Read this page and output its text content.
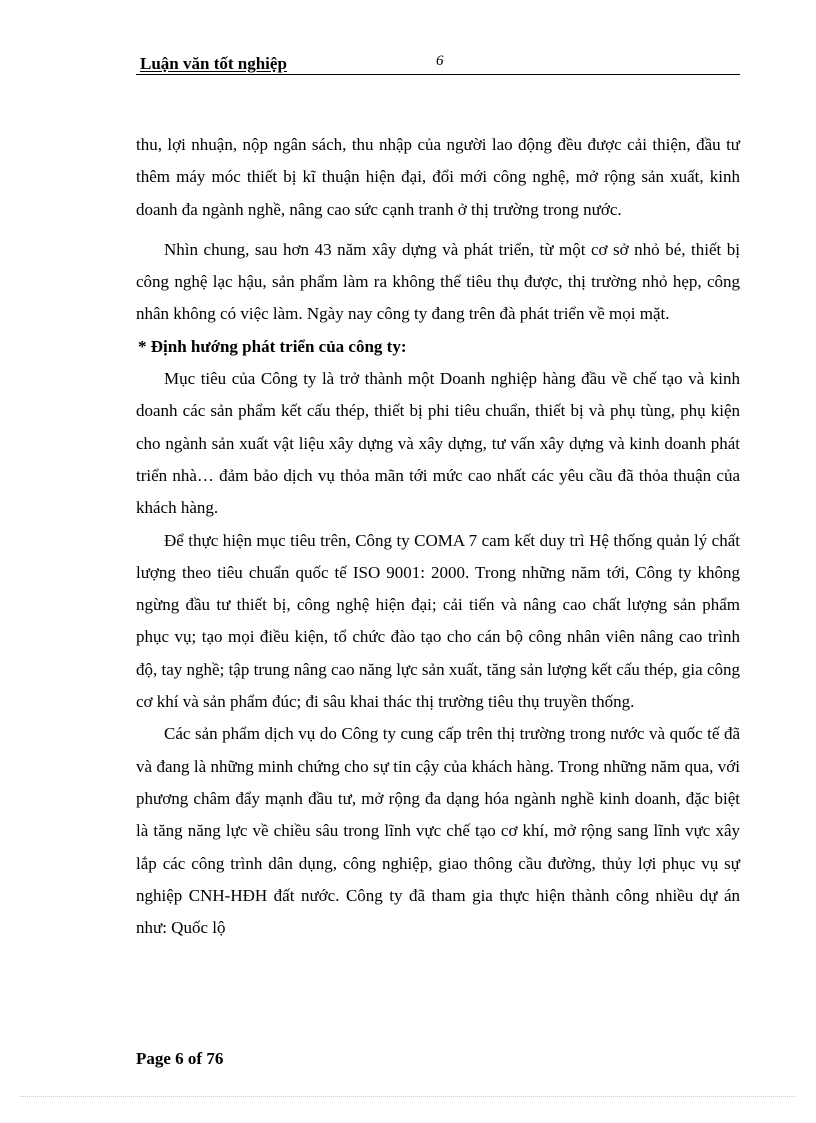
Luận văn tốt nghiệp	6

thu, lợi nhuận, nộp ngân sách, thu nhập của người lao động đều được cải thiện, đầu tư thêm máy móc thiết bị kĩ thuận hiện đại, đổi mới công nghệ, mở rộng sản xuất, kinh doanh đa ngành nghề, nâng cao sức cạnh tranh ở thị trường trong nước.

Nhìn chung, sau hơn 43 năm xây dựng và phát triển, từ một cơ sở nhỏ bé, thiết bị công nghệ lạc hậu, sản phẩm làm ra không thể tiêu thụ được, thị trường nhỏ hẹp, công nhân không có việc làm. Ngày nay công ty đang trên đà phát triển về mọi mặt.

* Định hướng phát triển của công ty:

Mục tiêu của Công ty là trở thành một Doanh nghiệp hàng đầu về chế tạo và kinh doanh các sản phẩm kết cấu thép, thiết bị phi tiêu chuẩn, thiết bị và phụ tùng, phụ kiện cho ngành sản xuất vật liệu xây dựng và xây dựng, tư vấn xây dựng và kinh doanh phát triển nhà… đảm bảo dịch vụ thỏa mãn tới mức cao nhất các yêu cầu đã thỏa thuận của khách hàng.

Để thực hiện mục tiêu trên, Công ty COMA 7 cam kết duy trì Hệ thống quản lý chất lượng theo tiêu chuẩn quốc tế ISO 9001: 2000. Trong những năm tới, Công ty không ngừng đầu tư thiết bị, công nghệ hiện đại; cải tiến và nâng cao chất lượng sản phẩm phục vụ; tạo mọi điều kiện, tổ chức đào tạo cho cán bộ công nhân viên nâng cao trình độ, tay nghề; tập trung nâng cao năng lực sản xuất, tăng sản lượng kết cấu thép, gia công cơ khí và sản phẩm đúc; đi sâu khai thác thị trường tiêu thụ truyền thống.

Các sản phẩm dịch vụ do Công ty cung cấp trên thị trường trong nước và quốc tế đã và đang là những minh chứng cho sự tin cậy của khách hàng. Trong những năm qua, với phương châm đẩy mạnh đầu tư, mở rộng đa dạng hóa ngành nghề kinh doanh, đặc biệt là tăng năng lực về chiều sâu trong lĩnh vực chế tạo cơ khí, mở rộng sang lĩnh vực xây lắp các công trình dân dụng, công nghiệp, giao thông cầu đường, thủy lợi phục vụ sự nghiệp CNH-HĐH đất nước. Công ty đã tham gia thực hiện thành công nhiều dự án như: Quốc lộ

Page 6 of 76
